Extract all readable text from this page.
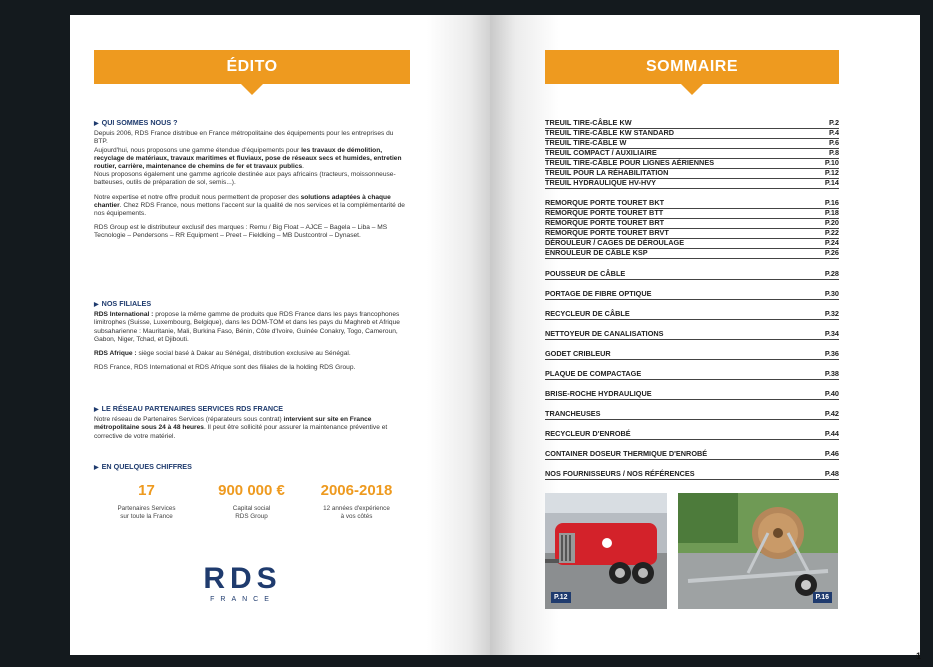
ÉDITO
▶ QUI SOMMES NOUS ?

Depuis 2006, RDS France distribue en France métropolitaine des équipements pour les entreprises du BTP.

Aujourd'hui, nous proposons une gamme étendue d'équipements pour les travaux de démolition, recyclage de matériaux, travaux maritimes et fluviaux, pose de réseaux secs et humides, entretien routier, carrière, maintenance de chemins de fer et travaux publics.

Nous proposons également une gamme agricole destinée aux pays africains (tracteurs, moissonneuse-batteuses, outils de préparation de sol, semis...).

Notre expertise et notre offre produit nous permettent de proposer des solutions adaptées à chaque chantier. Chez RDS France, nous mettons l'accent sur la qualité de nos services et la complémentarité de nos équipements.

RDS Group est le distributeur exclusif des marques : Remu / Big Float – AJCE – Bagela – Liba – MS Tecnologie – Pendersons – RR Equipment – Preet – Fieldking – MB Dustcontrol – Dynaset.

▶ NOS FILIALES

RDS International : propose la même gamme de produits que RDS France dans les pays francophones limitrophes (Suisse, Luxembourg, Belgique), dans les DOM-TOM et dans les pays du Maghreb et Afrique subsaharienne : Mauritanie, Mali, Burkina Faso, Bénin, Côte d'Ivoire, Guinée Conakry, Togo, Cameroun, Gabon, Niger, Tchad, et Djibouti.

RDS Afrique : siège social basé à Dakar au Sénégal, distribution exclusive au Sénégal.

RDS France, RDS International et RDS Afrique sont des filiales de la holding RDS Group.

▶ LE RÉSEAU PARTENAIRES SERVICES RDS FRANCE

Notre réseau de Partenaires Services (réparateurs sous contrat) intervient sur site en France métropolitaine sous 24 à 48 heures. Il peut être sollicité pour assurer la maintenance préventive et corrective de votre matériel.

▶ EN QUELQUES CHIFFRES
17
Partenaires Services
sur toute la France
900 000 €
Capital social
RDS Group
2006-2018
12 années d'expérience
à vos côtés
RDS
FRANCE
SOMMAIRE
TREUIL TIRE-CÂBLE KW	P.2
TREUIL TIRE-CÂBLE KW STANDARD	P.4
TREUIL TIRE-CÂBLE W	P.6
TREUIL COMPACT / AUXILIAIRE	P.8
TREUIL TIRE-CÂBLE POUR LIGNES AÉRIENNES	P.10
TREUIL POUR LA RÉHABILITATION	P.12
TREUIL HYDRAULIQUE HV-HVY	P.14
REMORQUE PORTE TOURET BKT	P.16
REMORQUE PORTE TOURET BTT	P.18
REMORQUE PORTE TOURET BRT	P.20
REMORQUE PORTE TOURET BRVT	P.22
DÉROULEUR / CAGES DE DÉROULAGE	P.24
ENROULEUR DE CÂBLE KSP	P.26
POUSSEUR DE CÂBLE	P.28
PORTAGE DE FIBRE OPTIQUE	P.30
RECYCLEUR DE CÂBLE	P.32
NETTOYEUR DE CANALISATIONS	P.34
GODET CRIBLEUR	P.36
PLAQUE DE COMPACTAGE	P.38
BRISE-ROCHE HYDRAULIQUE	P.40
TRANCHEUSES	P.42
RECYCLEUR D'ENROBÉ	P.44
CONTAINER DOSEUR THERMIQUE D'ENROBÉ	P.46
NOS FOURNISSEURS / NOS RÉFÉRENCES	P.48
P.12	P.16
1
